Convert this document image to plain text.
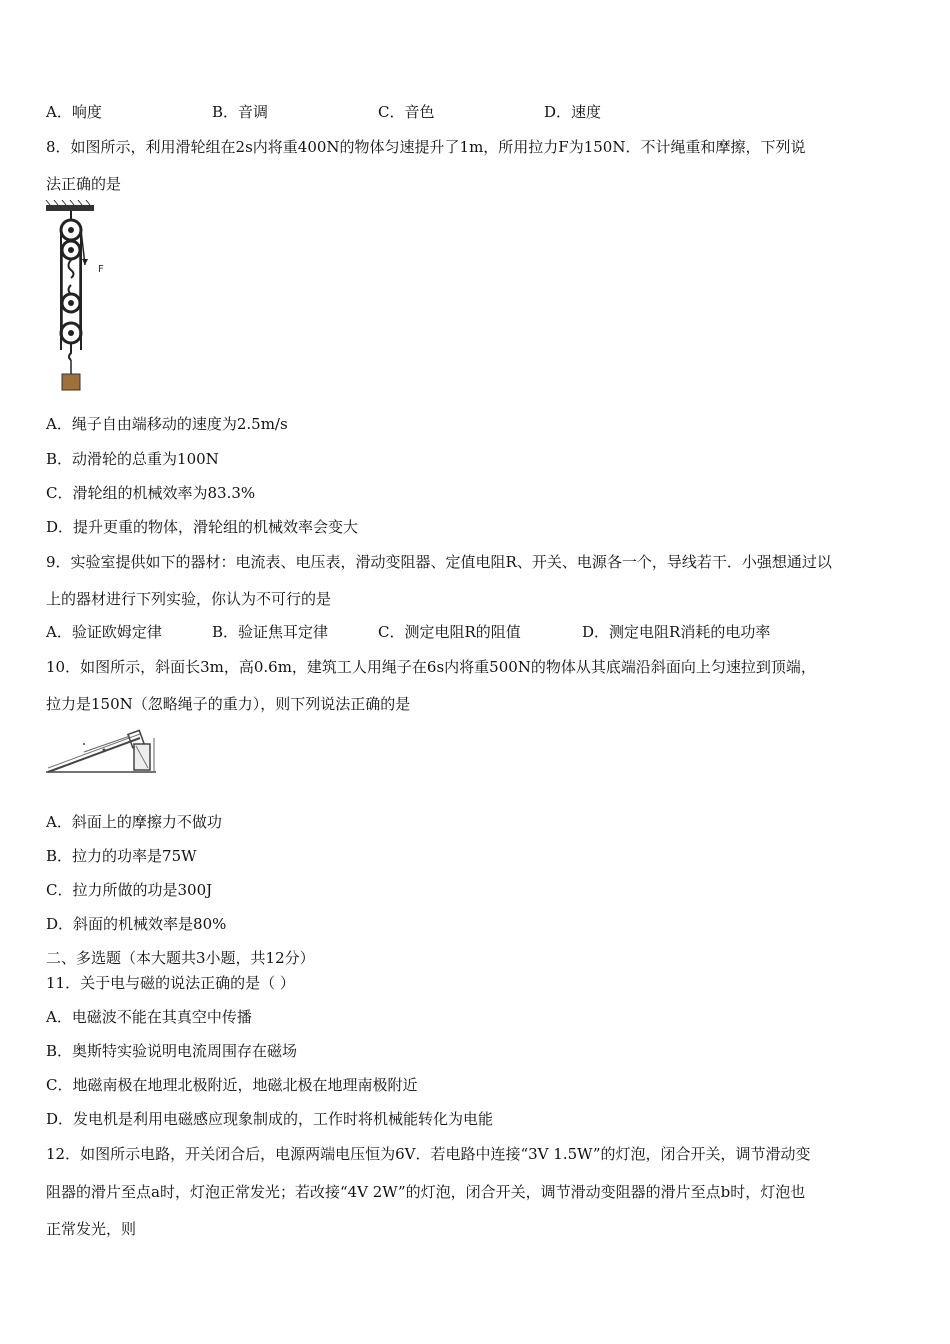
A．响度	B．音调	C．音色	D．速度
8．如图所示，利用滑轮组在2s内将重400N的物体匀速提升了1m，所用拉力F为150N．不计绳重和摩擦，下列说
法正确的是
F
A．绳子自由端移动的速度为2.5m/s
B．动滑轮的总重为100N
C．滑轮组的机械效率为83.3%
D．提升更重的物体，滑轮组的机械效率会变大
9．实验室提供如下的器材：电流表、电压表，滑动变阻器、定值电阻R、开关、电源各一个，导线若干．小强想通过以
上的器材进行下列实验，你认为不可行的是
A．验证欧姆定律	B．验证焦耳定律	C．测定电阻R的阻值	D．测定电阻R消耗的电功率
10．如图所示，斜面长3m，高0.6m，建筑工人用绳子在6s内将重500N的物体从其底端沿斜面向上匀速拉到顶端，
拉力是150N（忽略绳子的重力），则下列说法正确的是
A．斜面上的摩擦力不做功
B．拉力的功率是75W
C．拉力所做的功是300J
D．斜面的机械效率是80%
二、多选题（本大题共3小题，共12分）
11．关于电与磁的说法正确的是（ ）
A．电磁波不能在其真空中传播
B．奥斯特实验说明电流周围存在磁场
C．地磁南极在地理北极附近，地磁北极在地理南极附近
D．发电机是利用电磁感应现象制成的，工作时将机械能转化为电能
12．如图所示电路，开关闭合后，电源两端电压恒为6V．若电路中连接“3V 1.5W”的灯泡，闭合开关，调节滑动变
阻器的滑片至点a时，灯泡正常发光；若改接“4V 2W”的灯泡，闭合开关，调节滑动变阻器的滑片至点b时，灯泡也
正常发光，则
